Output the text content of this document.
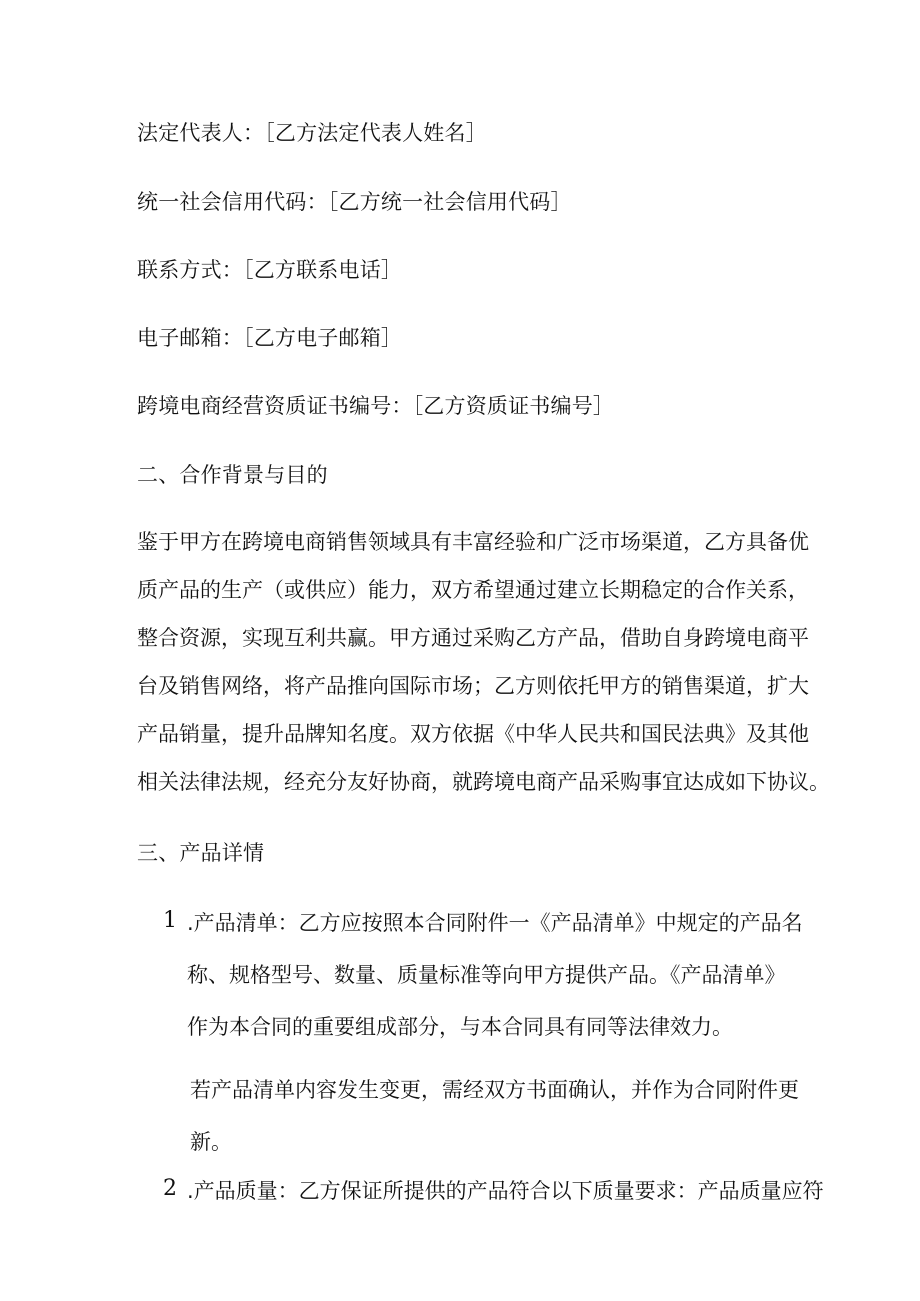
法定代表人：［乙方法定代表人姓名］
统一社会信用代码：［乙方统一社会信用代码］
联系方式：［乙方联系电话］
电子邮箱：［乙方电子邮箱］
跨境电商经营资质证书编号：［乙方资质证书编号］
二、合作背景与目的
鉴于甲方在跨境电商销售领域具有丰富经验和广泛市场渠道，乙方具备优
质产品的生产（或供应）能力，双方希望通过建立长期稳定的合作关系，
整合资源，实现互利共赢。甲方通过采购乙方产品，借助自身跨境电商平
台及销售网络，将产品推向国际市场；乙方则依托甲方的销售渠道，扩大
产品销量，提升品牌知名度。双方依据《中华人民共和国民法典》及其他
相关法律法规，经充分友好协商，就跨境电商产品采购事宜达成如下协议。
三、产品详情
1 .产品清单：乙方应按照本合同附件一《产品清单》中规定的产品名
称、规格型号、数量、质量标准等向甲方提供产品。《产品清单》
作为本合同的重要组成部分，与本合同具有同等法律效力。
若产品清单内容发生变更，需经双方书面确认，并作为合同附件更
新。
2 .产品质量：乙方保证所提供的产品符合以下质量要求：产品质量应符
